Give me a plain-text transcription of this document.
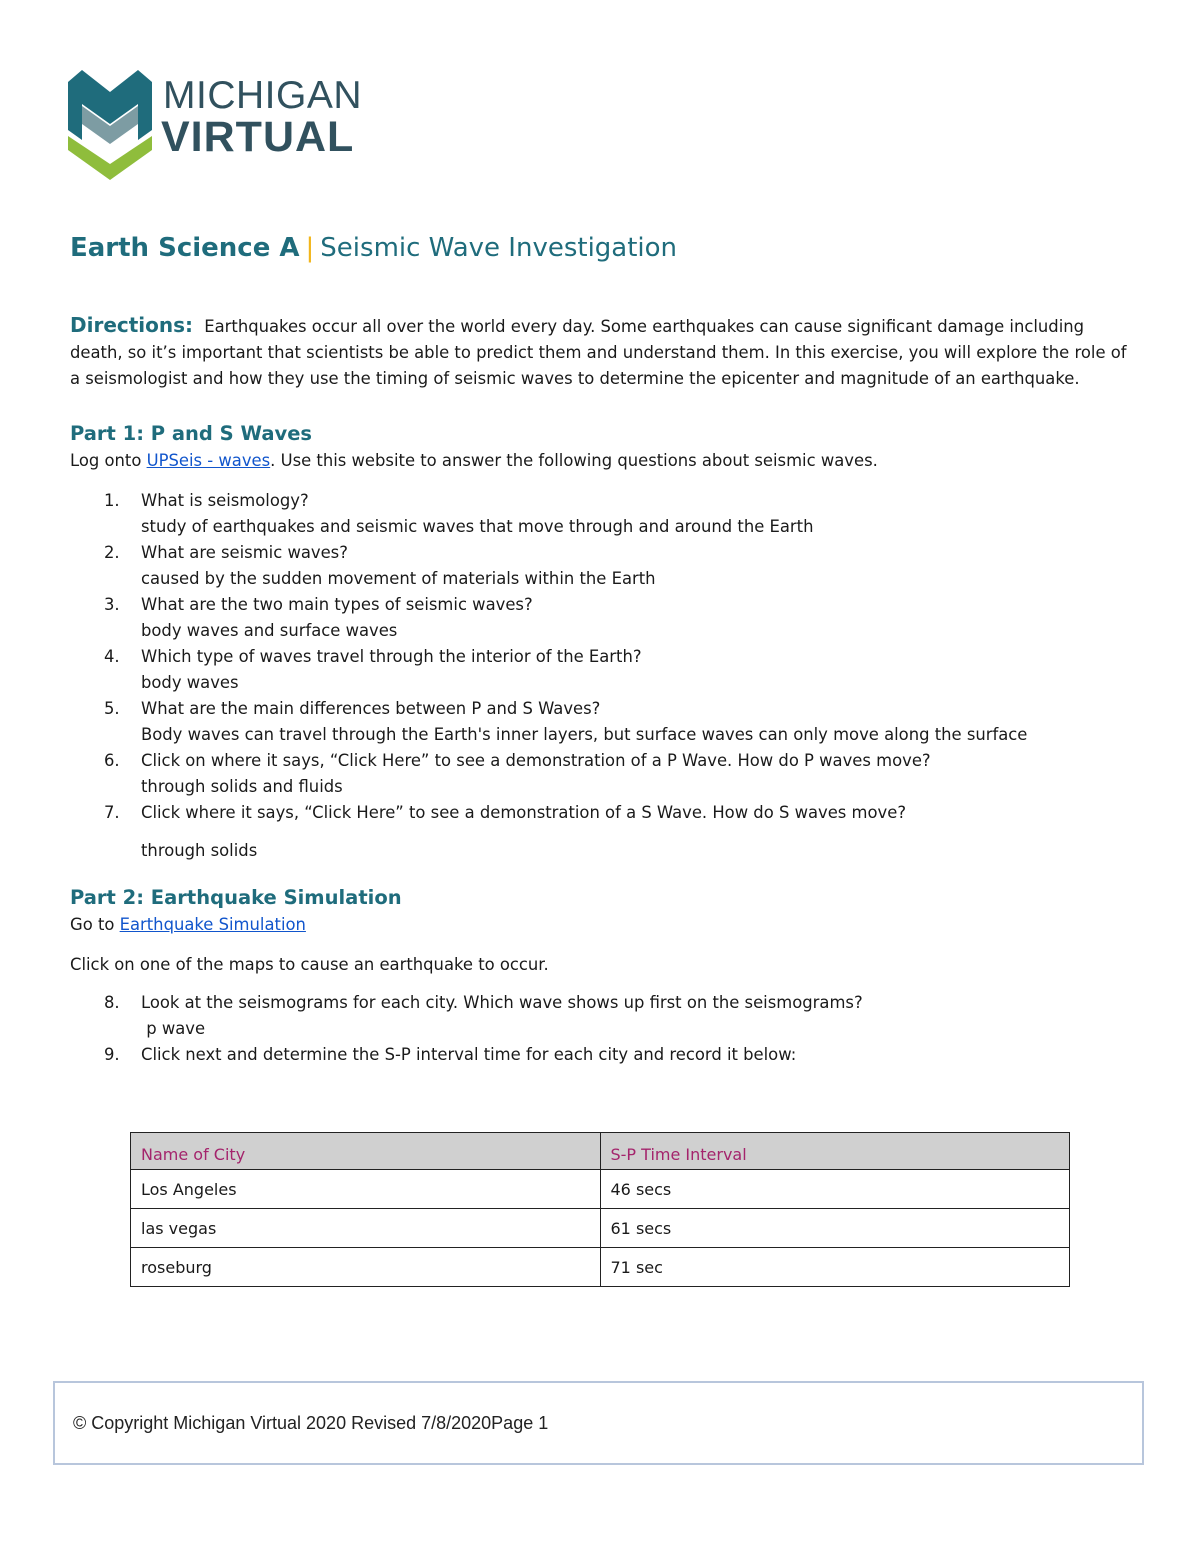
MICHIGAN
VIRTUAL
Earth Science A | Seismic Wave Investigation

Directions: Earthquakes occur all over the world every day. Some earthquakes can cause significant damage including death, so it’s important that scientists be able to predict them and understand them. In this exercise, you will explore the role of a seismologist and how they use the timing of seismic waves to determine the epicenter and magnitude of an earthquake.

Part 1: P and S Waves

Log onto UPSeis - waves. Use this website to answer the following questions about seismic waves.

1. What is seismology?
study of earthquakes and seismic waves that move through and around the Earth
2. What are seismic waves?
caused by the sudden movement of materials within the Earth
3. What are the two main types of seismic waves?
body waves and surface waves
4. Which type of waves travel through the interior of the Earth?
body waves
5. What are the main differences between P and S Waves?
Body waves can travel through the Earth's inner layers, but surface waves can only move along the surface
6. Click on where it says, “Click Here” to see a demonstration of a P Wave. How do P waves move?
through solids and fluids
7. Click where it says, “Click Here” to see a demonstration of a S Wave. How do S waves move?
through solids
Part 2: Earthquake Simulation

Go to Earthquake Simulation

Click on one of the maps to cause an earthquake to occur.

8. Look at the seismograms for each city. Which wave shows up first on the seismograms?
p wave
9. Click next and determine the S-P interval time for each city and record it below:
Name of City	S-P Time Interval
Los Angeles	46 secs
las vegas	61 secs
roseburg	71 sec
© Copyright Michigan Virtual 2020 Revised 7/8/2020Page 1
